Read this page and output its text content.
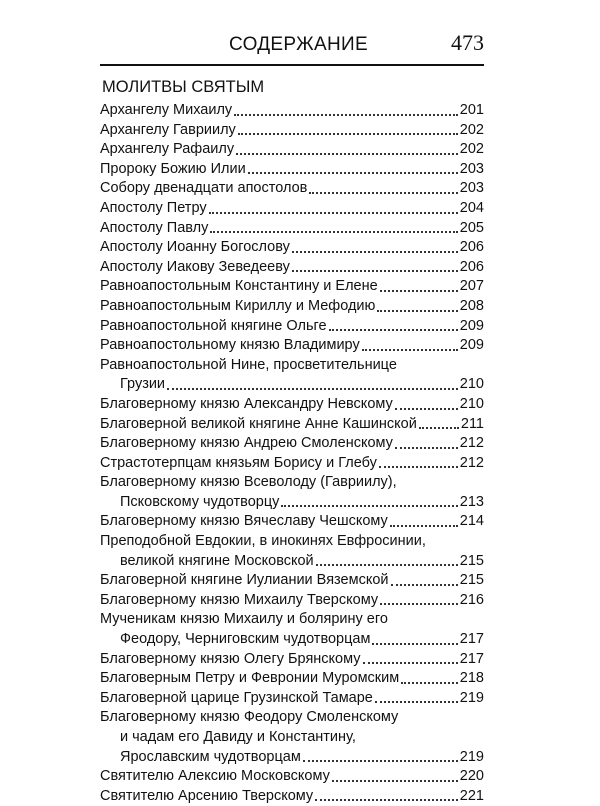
СОДЕРЖАНИЕ	473
МОЛИТВЫ СВЯТЫМ
Архангелу Михаилу	201
Архангелу Гавриилу	202
Архангелу Рафаилу	202
Пророку Божию Илии	203
Собору двенадцати апостолов	203
Апостолу Петру	204
Апостолу Павлу	205
Апостолу Иоанну Богослову	206
Апостолу Иакову Зеведееву	206
Равноапостольным Константину и Елене	207
Равноапостольным Кириллу и Мефодию	208
Равноапостольной княгине Ольге	209
Равноапостольному князю Владимиру	209
Равноапостольной Нине, просветительнице
Грузии	210
Благоверному князю Александру Невскому	210
Благоверной великой княгине Анне Кашинской	211
Благоверному князю Андрею Смоленскому	212
Страстотерпцам князьям Борису и Глебу	212
Благоверному князю Всеволоду (Гавриилу),
Псковскому чудотворцу	213
Благоверному князю Вячеславу Чешскому	214
Преподобной Евдокии, в инокинях Евфросинии,
великой княгине Московской	215
Благоверной княгине Иулиании Вяземской	215
Благоверному князю Михаилу Тверскому	216
Мученикам князю Михаилу и болярину его
Феодору, Черниговским чудотворцам	217
Благоверному князю Олегу Брянскому	217
Благоверным Петру и Февронии Муромским	218
Благоверной царице Грузинской Тамаре	219
Благоверному князю Феодору Смоленскому
и чадам его Давиду и Константину,
Ярославским чудотворцам	219
Святителю Алексию Московскому	220
Святителю Арсению Тверскому	221
